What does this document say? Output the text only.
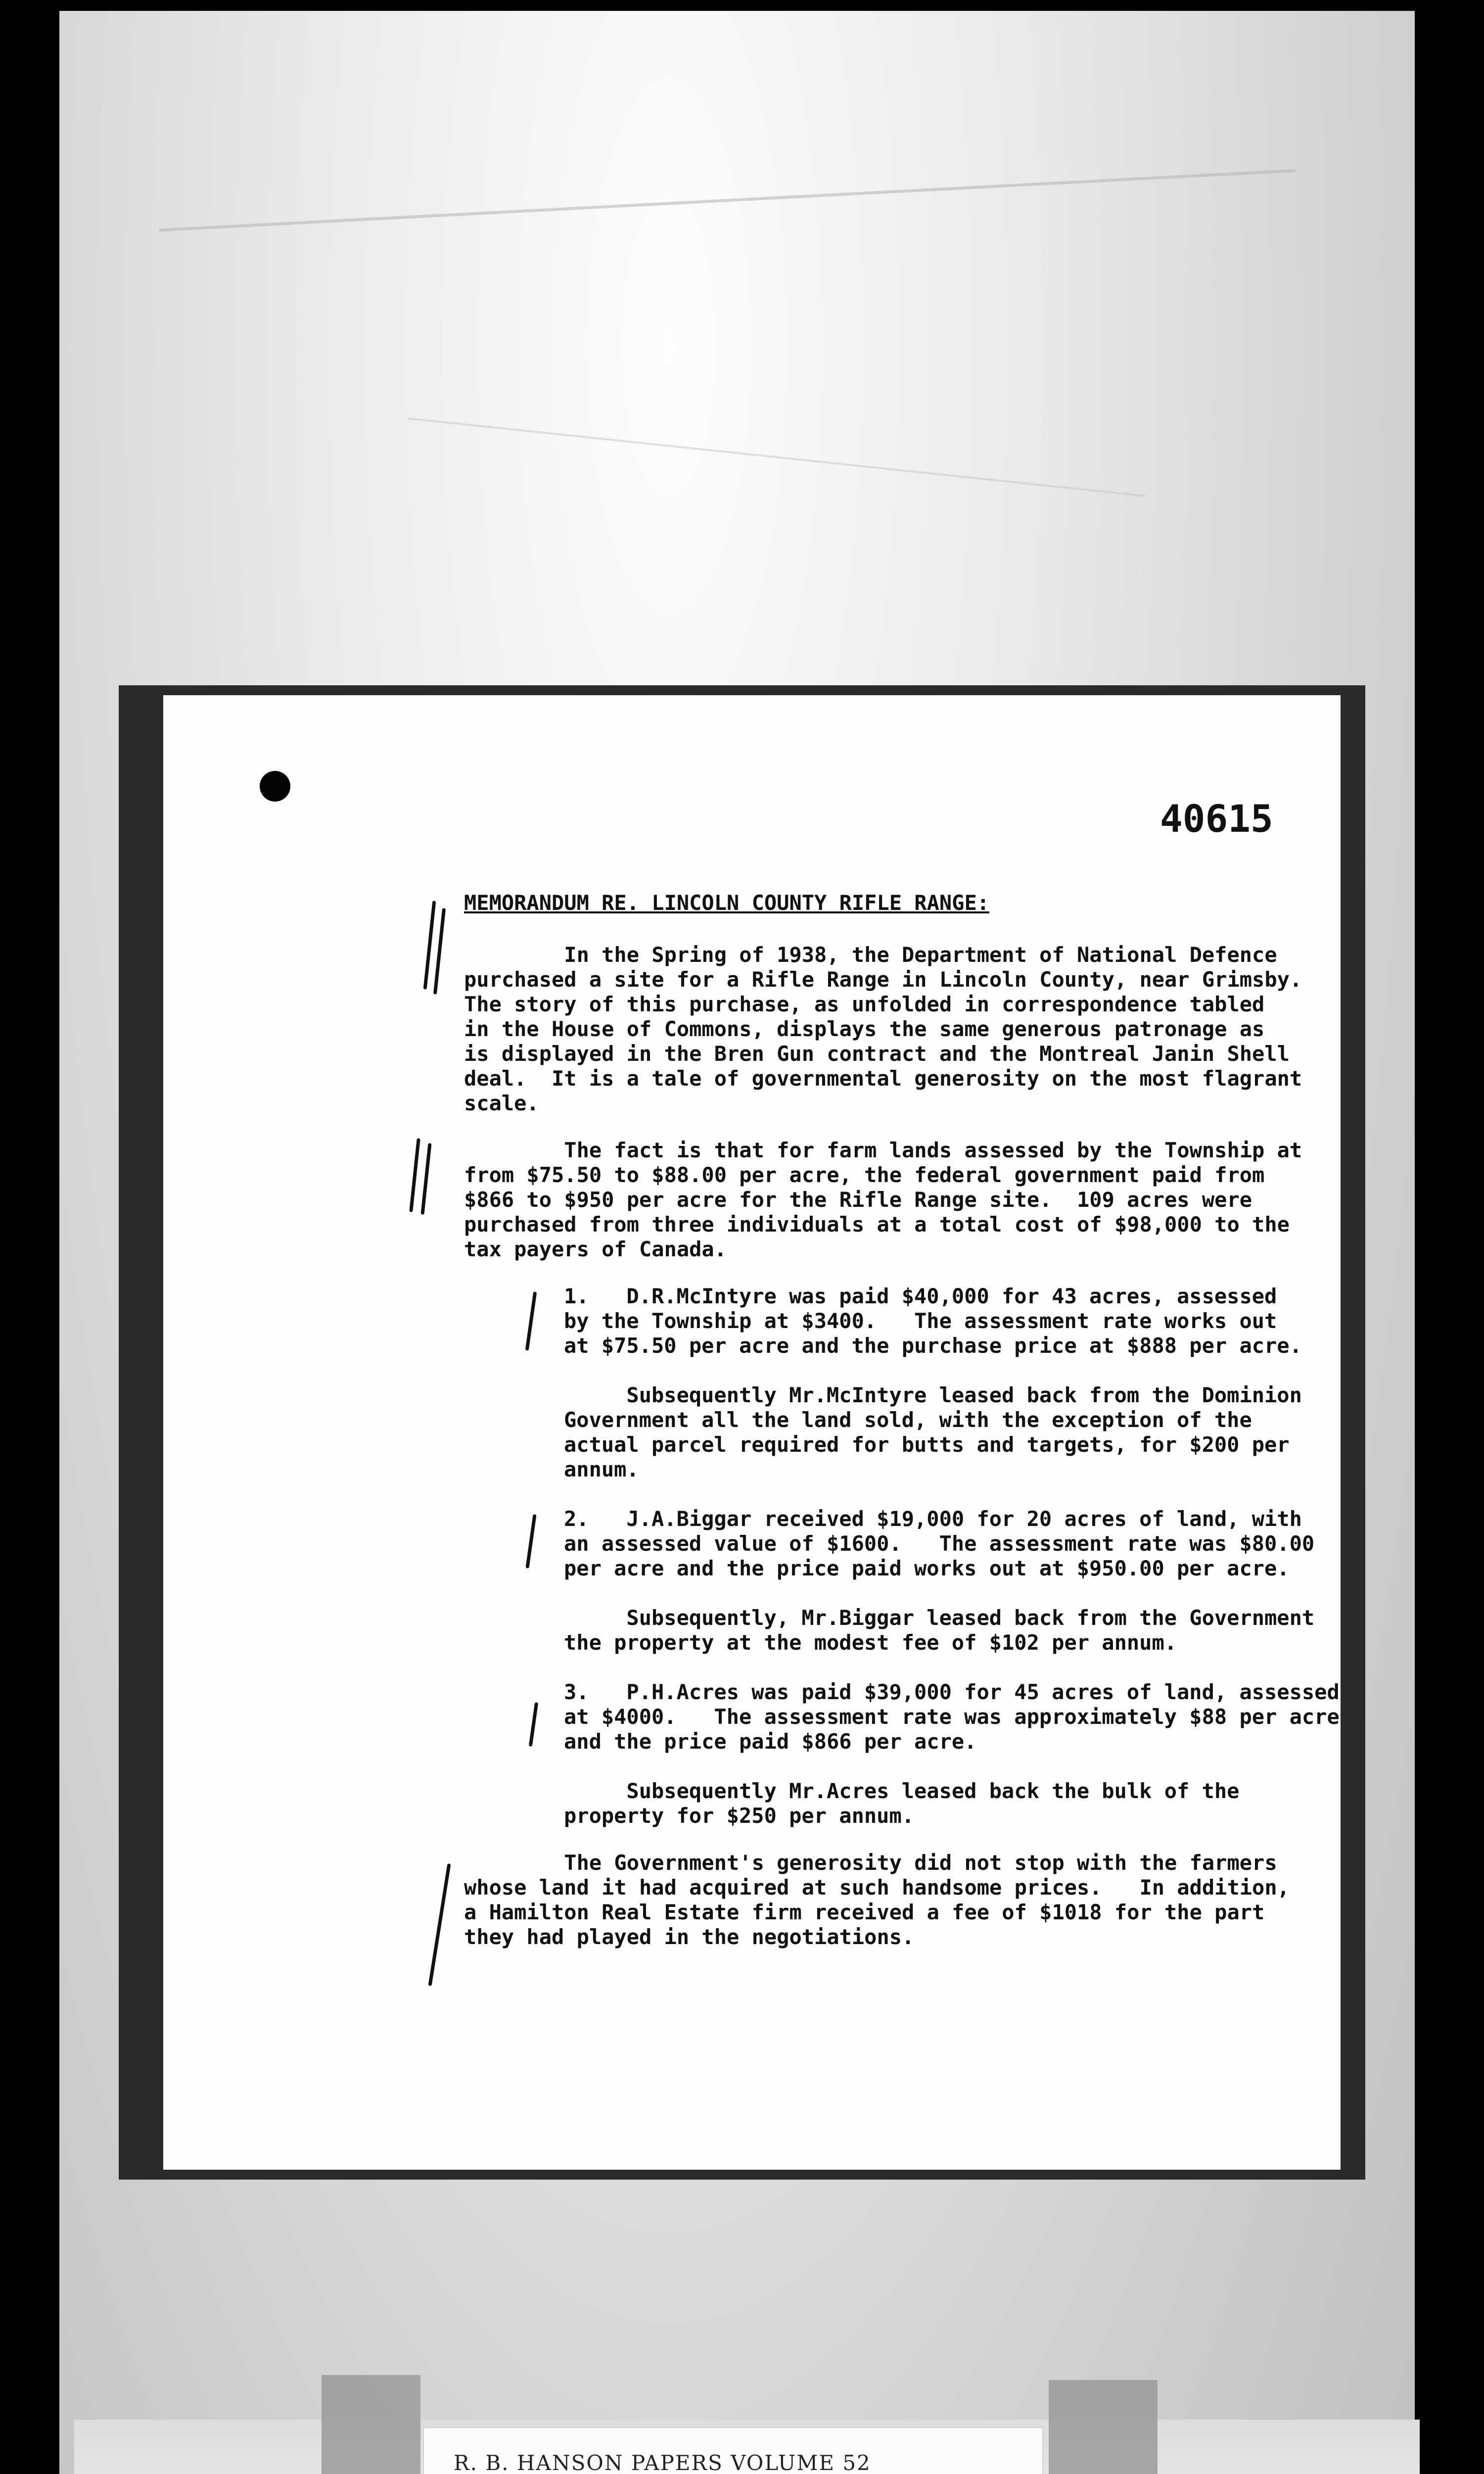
40615
MEMORANDUM RE. LINCOLN COUNTY RIFLE RANGE:
In the Spring of 1938, the Department of National Defence
purchased a site for a Rifle Range in Lincoln County, near Grimsby.
The story of this purchase, as unfolded in correspondence tabled
in the House of Commons, displays the same generous patronage as
is displayed in the Bren Gun contract and the Montreal Janin Shell
deal.  It is a tale of governmental generosity on the most flagrant
scale.
The fact is that for farm lands assessed by the Township at
from $75.50 to $88.00 per acre, the federal government paid from
$866 to $950 per acre for the Rifle Range site.  109 acres were
purchased from three individuals at a total cost of $98,000 to the
tax payers of Canada.
1.   D.R.McIntyre was paid $40,000 for 43 acres, assessed
by the Township at $3400.   The assessment rate works out
at $75.50 per acre and the purchase price at $888 per acre.
Subsequently Mr.McIntyre leased back from the Dominion
Government all the land sold, with the exception of the
actual parcel required for butts and targets, for $200 per
annum.
2.   J.A.Biggar received $19,000 for 20 acres of land, with
an assessed value of $1600.   The assessment rate was $80.00
per acre and the price paid works out at $950.00 per acre.
Subsequently, Mr.Biggar leased back from the Government
the property at the modest fee of $102 per annum.
3.   P.H.Acres was paid $39,000 for 45 acres of land, assessed
at $4000.   The assessment rate was approximately $88 per acre
and the price paid $866 per acre.
Subsequently Mr.Acres leased back the bulk of the
property for $250 per annum.
The Government's generosity did not stop with the farmers
whose land it had acquired at such handsome prices.   In addition,
a Hamilton Real Estate firm received a fee of $1018 for the part
they had played in the negotiations.
R. B. HANSON PAPERS VOLUME 52
